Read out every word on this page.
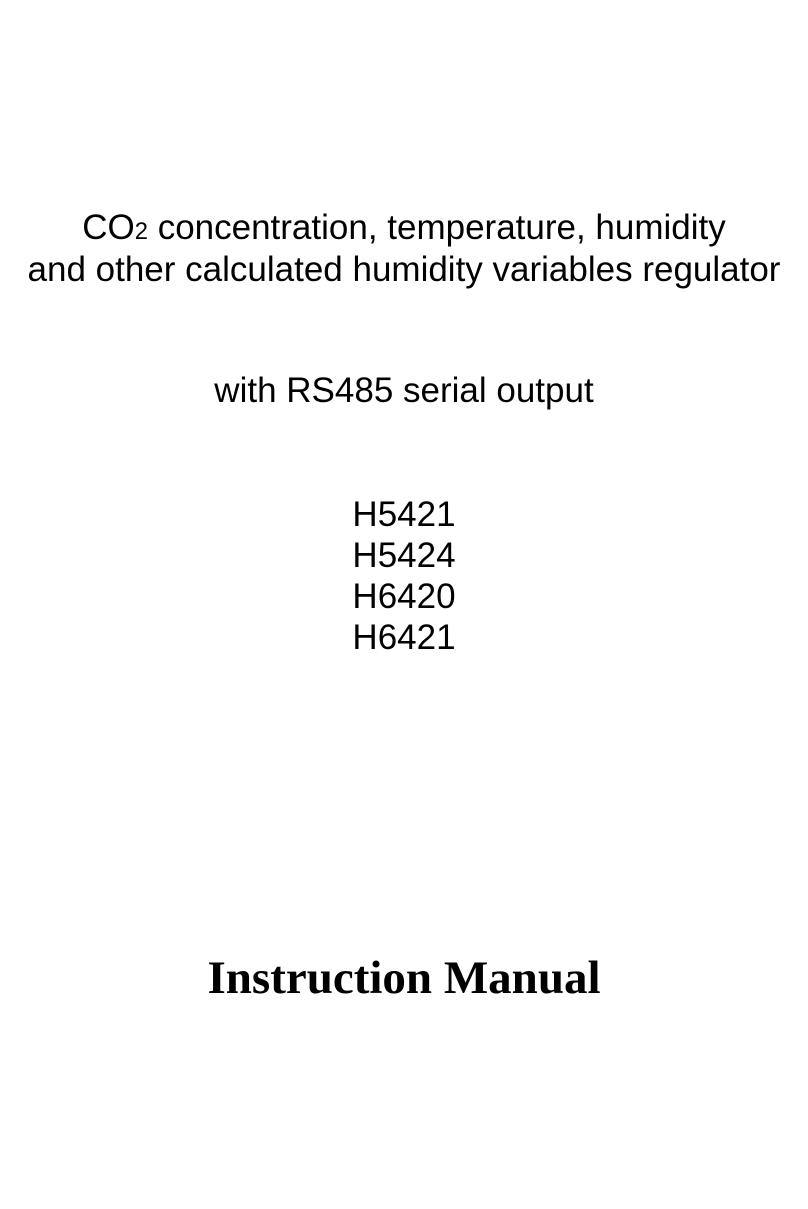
CO2 concentration, temperature, humidity
and other calculated humidity variables regulator
with RS485 serial output
H5421
H5424
H6420
H6421
Instruction Manual
